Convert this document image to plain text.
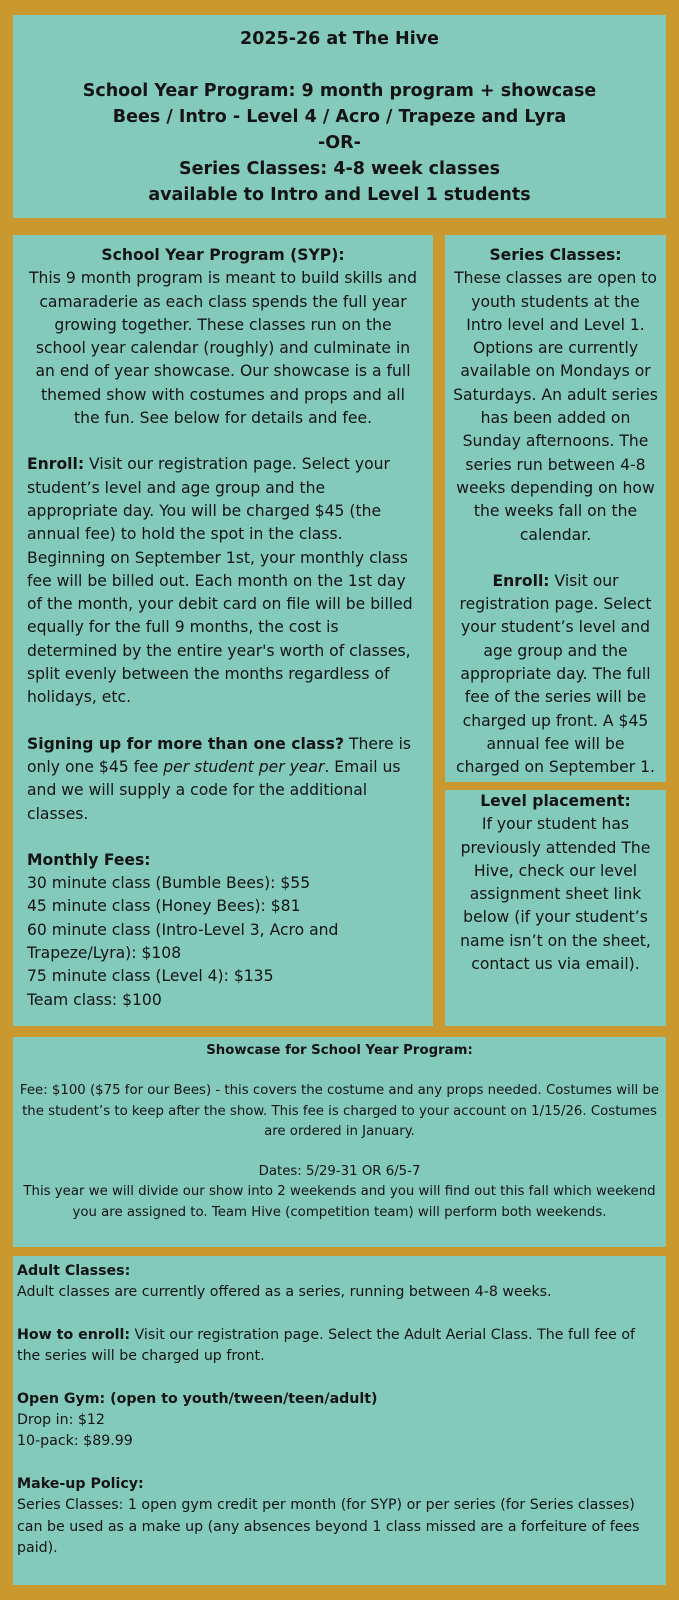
2025-26 at The Hive

School Year Program: 9 month program + showcase

Bees / Intro - Level 4 / Acro / Trapeze and Lyra

-OR-

Series Classes: 4-8 week classes

available to Intro and Level 1 students

School Year Program (SYP):

This 9 month program is meant to build skills and camaraderie as each class spends the full year growing together. These classes run on the school year calendar (roughly) and culminate in an end of year showcase. Our showcase is a full themed show with costumes and props and all the fun. See below for details and fee.

Enroll: Visit our registration page. Select your student’s level and age group and the appropriate day. You will be charged $45 (the annual fee) to hold the spot in the class. Beginning on September 1st, your monthly class fee will be billed out. Each month on the 1st day of the month, your debit card on file will be billed equally for the full 9 months, the cost is determined by the entire year's worth of classes, split evenly between the months regardless of holidays, etc.

Signing up for more than one class? There is only one $45 fee per student per year. Email us and we will supply a code for the additional classes.

Monthly Fees:

30 minute class (Bumble Bees): $55

45 minute class (Honey Bees): $81

60 minute class (Intro-Level 3, Acro and Trapeze/Lyra): $108

75 minute class (Level 4): $135

Team class: $100

Series Classes:

These classes are open to youth students at the Intro level and Level 1. Options are currently available on Mondays or Saturdays. An adult series has been added on Sunday afternoons. The series run between 4-8 weeks depending on how the weeks fall on the calendar.

Enroll: Visit our registration page. Select your student’s level and age group and the appropriate day. The full fee of the series will be charged up front. A $45 annual fee will be charged on September 1.

Level placement:

If your student has previously attended The Hive, check our level assignment sheet link below (if your student’s name isn’t on the sheet, contact us via email).

Showcase for School Year Program:

Fee: $100 ($75 for our Bees) - this covers the costume and any props needed. Costumes will be the student’s to keep after the show. This fee is charged to your account on 1/15/26. Costumes are ordered in January.

Dates: 5/29-31 OR 6/5-7

This year we will divide our show into 2 weekends and you will find out this fall which weekend you are assigned to. Team Hive (competition team) will perform both weekends.

Adult Classes:

Adult classes are currently offered as a series, running between 4-8 weeks.

How to enroll: Visit our registration page. Select the Adult Aerial Class. The full fee of the series will be charged up front.

Open Gym: (open to youth/tween/teen/adult)

Drop in: $12

10-pack: $89.99

Make-up Policy:

Series Classes: 1 open gym credit per month (for SYP) or per series (for Series classes) can be used as a make up (any absences beyond 1 class missed are a forfeiture of fees paid).
